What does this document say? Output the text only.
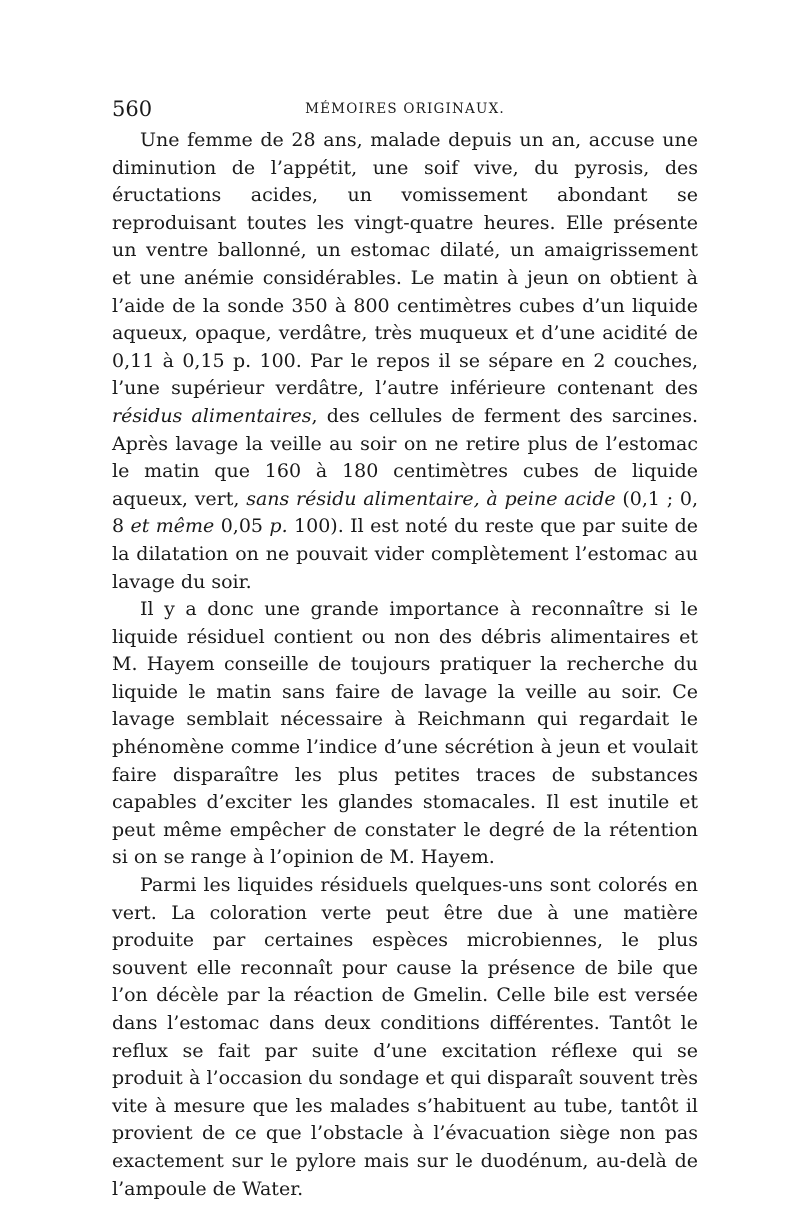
560	MÉMOIRES ORIGINAUX.

Une femme de 28 ans, malade depuis un an, accuse une diminution de l’appétit, une soif vive, du pyrosis, des éructations acides, un vomissement abondant se reproduisant toutes les vingt-quatre heures. Elle présente un ventre ballonné, un estomac dilaté, un amaigrissement et une anémie considérables. Le matin à jeun on obtient à l’aide de la sonde 350 à 800 centimètres cubes d’un liquide aqueux, opaque, verdâtre, très muqueux et d’une acidité de 0,11 à 0,15 p. 100. Par le repos il se sépare en 2 couches, l’une supérieur verdâtre, l’autre inférieure contenant des résidus alimentaires, des cellules de ferment des sarcines. Après lavage la veille au soir on ne retire plus de l’estomac le matin que 160 à 180 centimètres cubes de liquide aqueux, vert, sans résidu alimentaire, à peine acide (0,1 ; 0, 8 et même 0,05 p. 100). Il est noté du reste que par suite de la dilatation on ne pouvait vider complètement l’estomac au lavage du soir.

Il y a donc une grande importance à reconnaître si le liquide résiduel contient ou non des débris alimentaires et M. Hayem conseille de toujours pratiquer la recherche du liquide le matin sans faire de lavage la veille au soir. Ce lavage semblait nécessaire à Reichmann qui regardait le phénomène comme l’indice d’une sécrétion à jeun et voulait faire disparaître les plus petites traces de substances capables d’exciter les glandes stomacales. Il est inutile et peut même empêcher de constater le degré de la rétention si on se range à l’opinion de M. Hayem.

Parmi les liquides résiduels quelques-uns sont colorés en vert. La coloration verte peut être due à une matière produite par certaines espèces microbiennes, le plus souvent elle reconnaît pour cause la présence de bile que l’on décèle par la réaction de Gmelin. Celle bile est versée dans l’estomac dans deux conditions différentes. Tantôt le reflux se fait par suite d’une excitation réflexe qui se produit à l’occasion du sondage et qui disparaît souvent très vite à mesure que les malades s’habituent au tube, tantôt il provient de ce que l’obstacle à l’évacuation siège non pas exactement sur le pylore mais sur le duodénum, au-delà de l’ampoule de Water.
